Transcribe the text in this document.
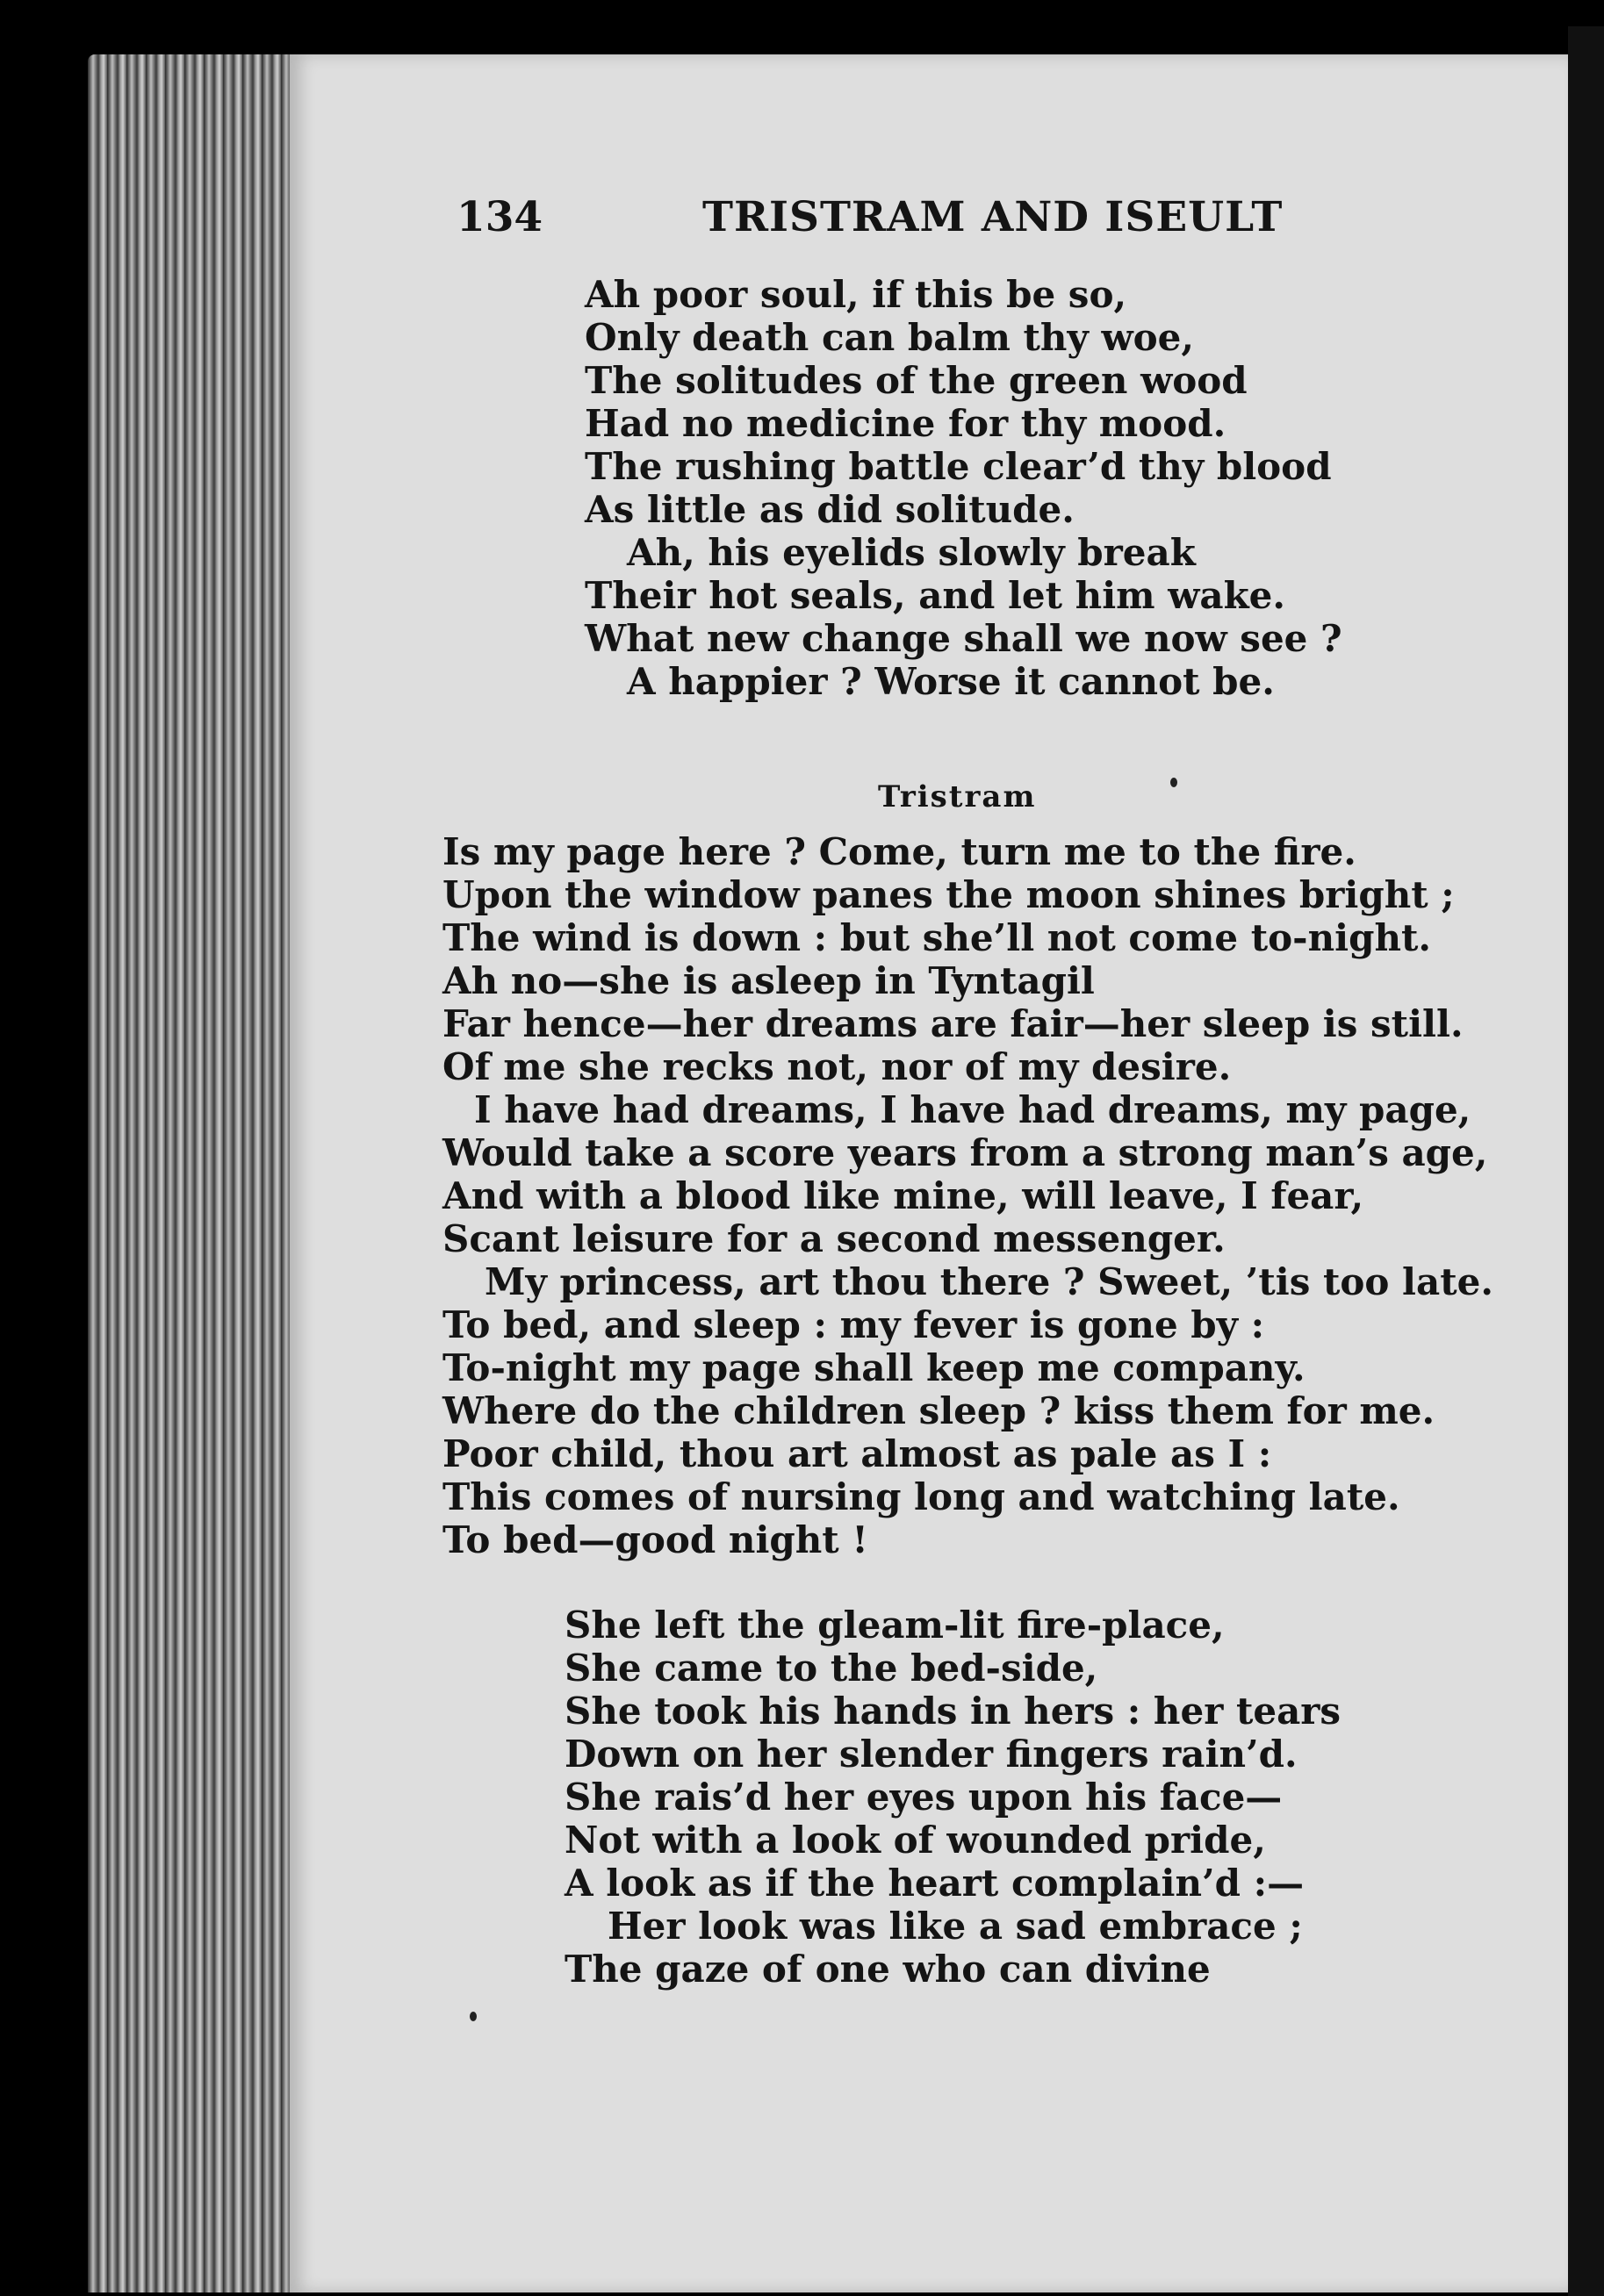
134	TRISTRAM AND ISEULT
Ah poor soul, if this be so,
Only death can balm thy woe,
The solitudes of the green wood
Had no medicine for thy mood.
The rushing battle clear’d thy blood
As little as did solitude.
Ah, his eyelids slowly break
Their hot seals, and let him wake.
What new change shall we now see ?
A happier ? Worse it cannot be.
Tristram
Is my page here ? Come, turn me to the fire.
Upon the window panes the moon shines bright ;
The wind is down : but she’ll not come to-night.
Ah no—she is asleep in Tyntagil
Far hence—her dreams are fair—her sleep is still.
Of me she recks not, nor of my desire.
I have had dreams, I have had dreams, my page,
Would take a score years from a strong man’s age,
And with a blood like mine, will leave, I fear,
Scant leisure for a second messenger.
My princess, art thou there ? Sweet, ’tis too late.
To bed, and sleep : my fever is gone by :
To-night my page shall keep me company.
Where do the children sleep ? kiss them for me.
Poor child, thou art almost as pale as I :
This comes of nursing long and watching late.
To bed—good night !
She left the gleam-lit fire-place,
She came to the bed-side,
She took his hands in hers : her tears
Down on her slender fingers rain’d.
She rais’d her eyes upon his face—
Not with a look of wounded pride,
A look as if the heart complain’d :—
Her look was like a sad embrace ;
The gaze of one who can divine
